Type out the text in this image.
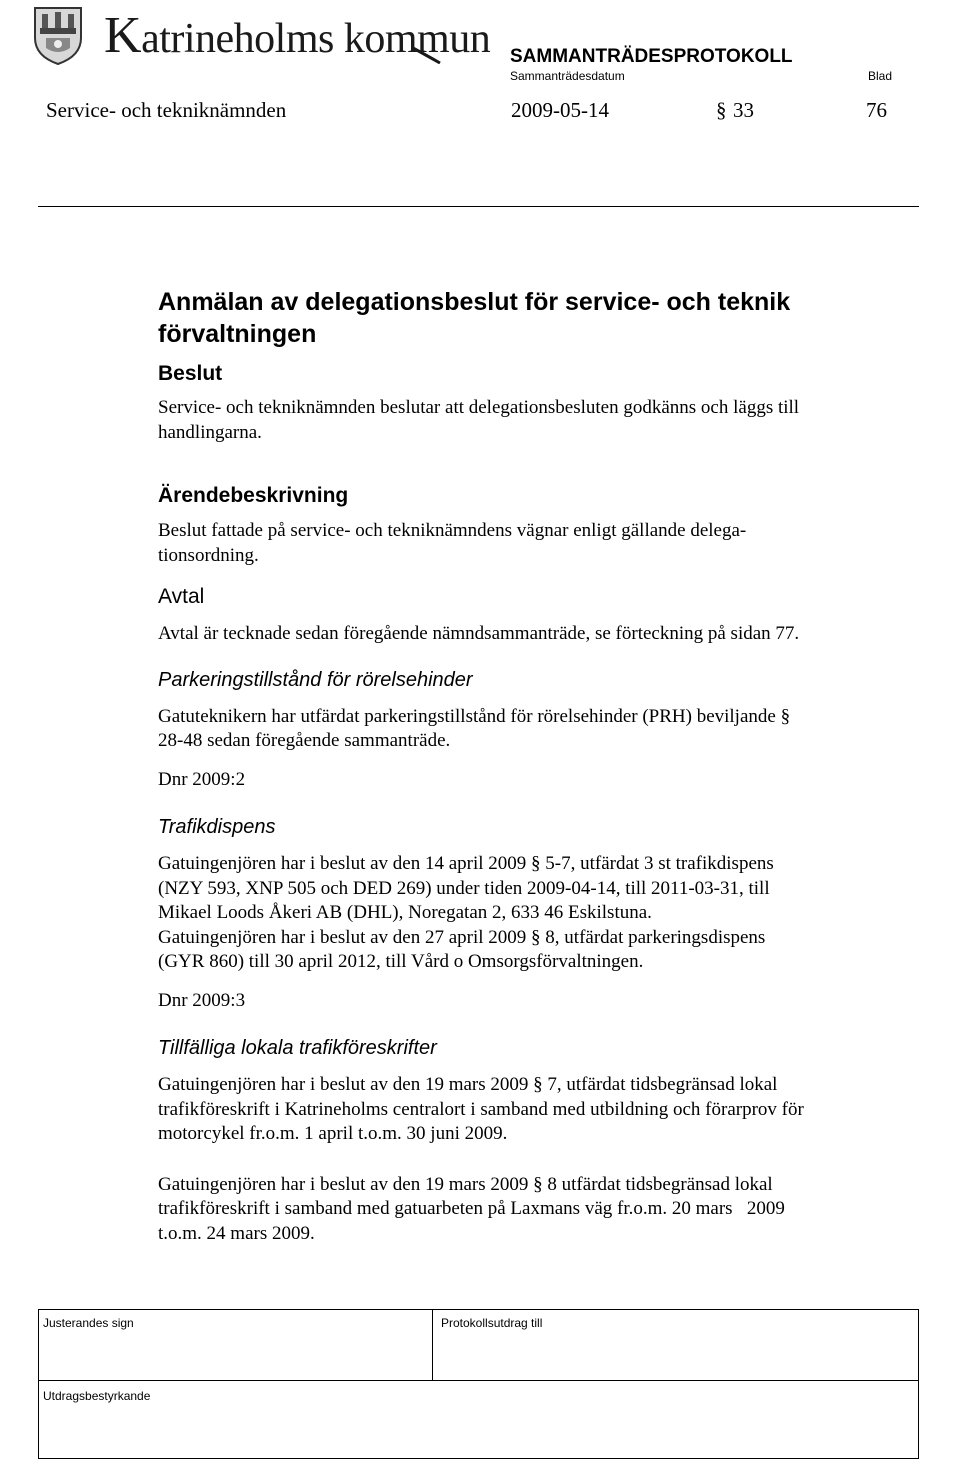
Katrineholms kommun SAMMANTRÄDESPROTOKOLL
Sammanträdesdatum	Blad
Service- och tekniknämnden	2009-05-14	§ 33	76
Anmälan av delegationsbeslut för service- och teknik
förvaltningen
Beslut
Service- och tekniknämnden beslutar att delegationsbesluten godkänns och läggs till
handlingarna.
Ärendebeskrivning
Beslut fattade på service- och tekniknämndens vägnar enligt gällande delega-
tionsordning.
Avtal
Avtal är tecknade sedan föregående nämndsammanträde, se förteckning på sidan 77.
Parkeringstillstånd för rörelsehinder
Gatuteknikern har utfärdat parkeringstillstånd för rörelsehinder (PRH) beviljande §
28-48 sedan föregående sammanträde.
Dnr 2009:2
Trafikdispens
Gatuingenjören har i beslut av den 14 april 2009 § 5-7, utfärdat 3 st trafikdispens
(NZY 593, XNP 505 och DED 269) under tiden 2009-04-14, till 2011-03-31, till
Mikael Loods Åkeri AB (DHL), Noregatan 2, 633 46 Eskilstuna.
Gatuingenjören har i beslut av den 27 april 2009 § 8, utfärdat parkeringsdispens
(GYR 860) till 30 april 2012, till Vård o Omsorgsförvaltningen.
Dnr 2009:3
Tillfälliga lokala trafikföreskrifter
Gatuingenjören har i beslut av den 19 mars 2009 § 7, utfärdat tidsbegränsad lokal
trafikföreskrift i Katrineholms centralort i samband med utbildning och förarprov för
motorcykel fr.o.m. 1 april t.o.m. 30 juni 2009.
Gatuingenjören har i beslut av den 19 mars 2009 § 8 utfärdat tidsbegränsad lokal
trafikföreskrift i samband med gatuarbeten på Laxmans väg fr.o.m. 20 mars   2009
t.o.m. 24 mars 2009.
Justerandes sign	Protokollsutdrag till
Utdragsbestyrkande
